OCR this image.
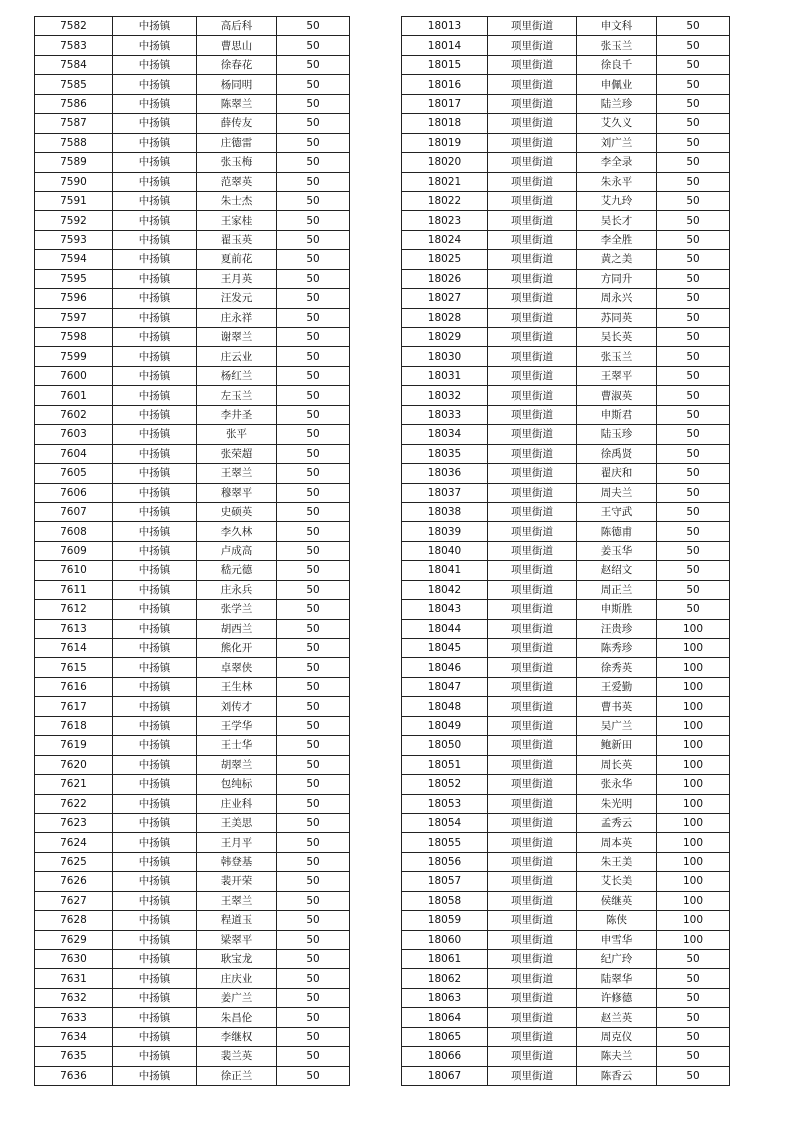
7582	中扬镇	高后科	50
7583	中扬镇	曹思山	50
7584	中扬镇	徐春花	50
7585	中扬镇	杨同明	50
7586	中扬镇	陈翠兰	50
7587	中扬镇	薛传友	50
7588	中扬镇	庄德雷	50
7589	中扬镇	张玉梅	50
7590	中扬镇	范翠英	50
7591	中扬镇	朱士杰	50
7592	中扬镇	王家桂	50
7593	中扬镇	翟玉英	50
7594	中扬镇	夏前花	50
7595	中扬镇	王月英	50
7596	中扬镇	汪发元	50
7597	中扬镇	庄永祥	50
7598	中扬镇	谢翠兰	50
7599	中扬镇	庄云业	50
7600	中扬镇	杨红兰	50
7601	中扬镇	左玉兰	50
7602	中扬镇	李井圣	50
7603	中扬镇	张平	50
7604	中扬镇	张荣超	50
7605	中扬镇	王翠兰	50
7606	中扬镇	穆翠平	50
7607	中扬镇	史硕英	50
7608	中扬镇	李久林	50
7609	中扬镇	卢成高	50
7610	中扬镇	嵇元德	50
7611	中扬镇	庄永兵	50
7612	中扬镇	张学兰	50
7613	中扬镇	胡西兰	50
7614	中扬镇	熊化开	50
7615	中扬镇	卓翠侠	50
7616	中扬镇	王生林	50
7617	中扬镇	刘传才	50
7618	中扬镇	王学华	50
7619	中扬镇	王士华	50
7620	中扬镇	胡翠兰	50
7621	中扬镇	包纯标	50
7622	中扬镇	庄业科	50
7623	中扬镇	王美思	50
7624	中扬镇	王月平	50
7625	中扬镇	韩登基	50
7626	中扬镇	裴开荣	50
7627	中扬镇	王翠兰	50
7628	中扬镇	程道玉	50
7629	中扬镇	梁翠平	50
7630	中扬镇	耿宝龙	50
7631	中扬镇	庄庆业	50
7632	中扬镇	姜广兰	50
7633	中扬镇	朱昌伦	50
7634	中扬镇	李继权	50
7635	中扬镇	裴兰英	50
7636	中扬镇	徐正兰	50
18013	项里街道	申文科	50
18014	项里街道	张玉兰	50
18015	项里街道	徐良千	50
18016	项里街道	申佩业	50
18017	项里街道	陆兰珍	50
18018	项里街道	艾久义	50
18019	项里街道	刘广兰	50
18020	项里街道	李全录	50
18021	项里街道	朱永平	50
18022	项里街道	艾九玲	50
18023	项里街道	吴长才	50
18024	项里街道	李全胜	50
18025	项里街道	黄之美	50
18026	项里街道	方同升	50
18027	项里街道	周永兴	50
18028	项里街道	苏同英	50
18029	项里街道	吴长英	50
18030	项里街道	张玉兰	50
18031	项里街道	王翠平	50
18032	项里街道	曹淑英	50
18033	项里街道	申斯君	50
18034	项里街道	陆玉珍	50
18035	项里街道	徐禹贤	50
18036	项里街道	翟庆和	50
18037	项里街道	周夫兰	50
18038	项里街道	王守武	50
18039	项里街道	陈德甫	50
18040	项里街道	姜玉华	50
18041	项里街道	赵绍文	50
18042	项里街道	周正兰	50
18043	项里街道	申斯胜	50
18044	项里街道	汪贵珍	100
18045	项里街道	陈秀珍	100
18046	项里街道	徐秀英	100
18047	项里街道	王爱勤	100
18048	项里街道	曹书英	100
18049	项里街道	吴广兰	100
18050	项里街道	鲍新田	100
18051	项里街道	周长英	100
18052	项里街道	张永华	100
18053	项里街道	朱光明	100
18054	项里街道	孟秀云	100
18055	项里街道	周本英	100
18056	项里街道	朱王美	100
18057	项里街道	艾长美	100
18058	项里街道	侯继英	100
18059	项里街道	陈侠	100
18060	项里街道	申雪华	100
18061	项里街道	纪广玲	50
18062	项里街道	陆翠华	50
18063	项里街道	许修德	50
18064	项里街道	赵兰英	50
18065	项里街道	周克仪	50
18066	项里街道	陈夫兰	50
18067	项里街道	陈香云	50
